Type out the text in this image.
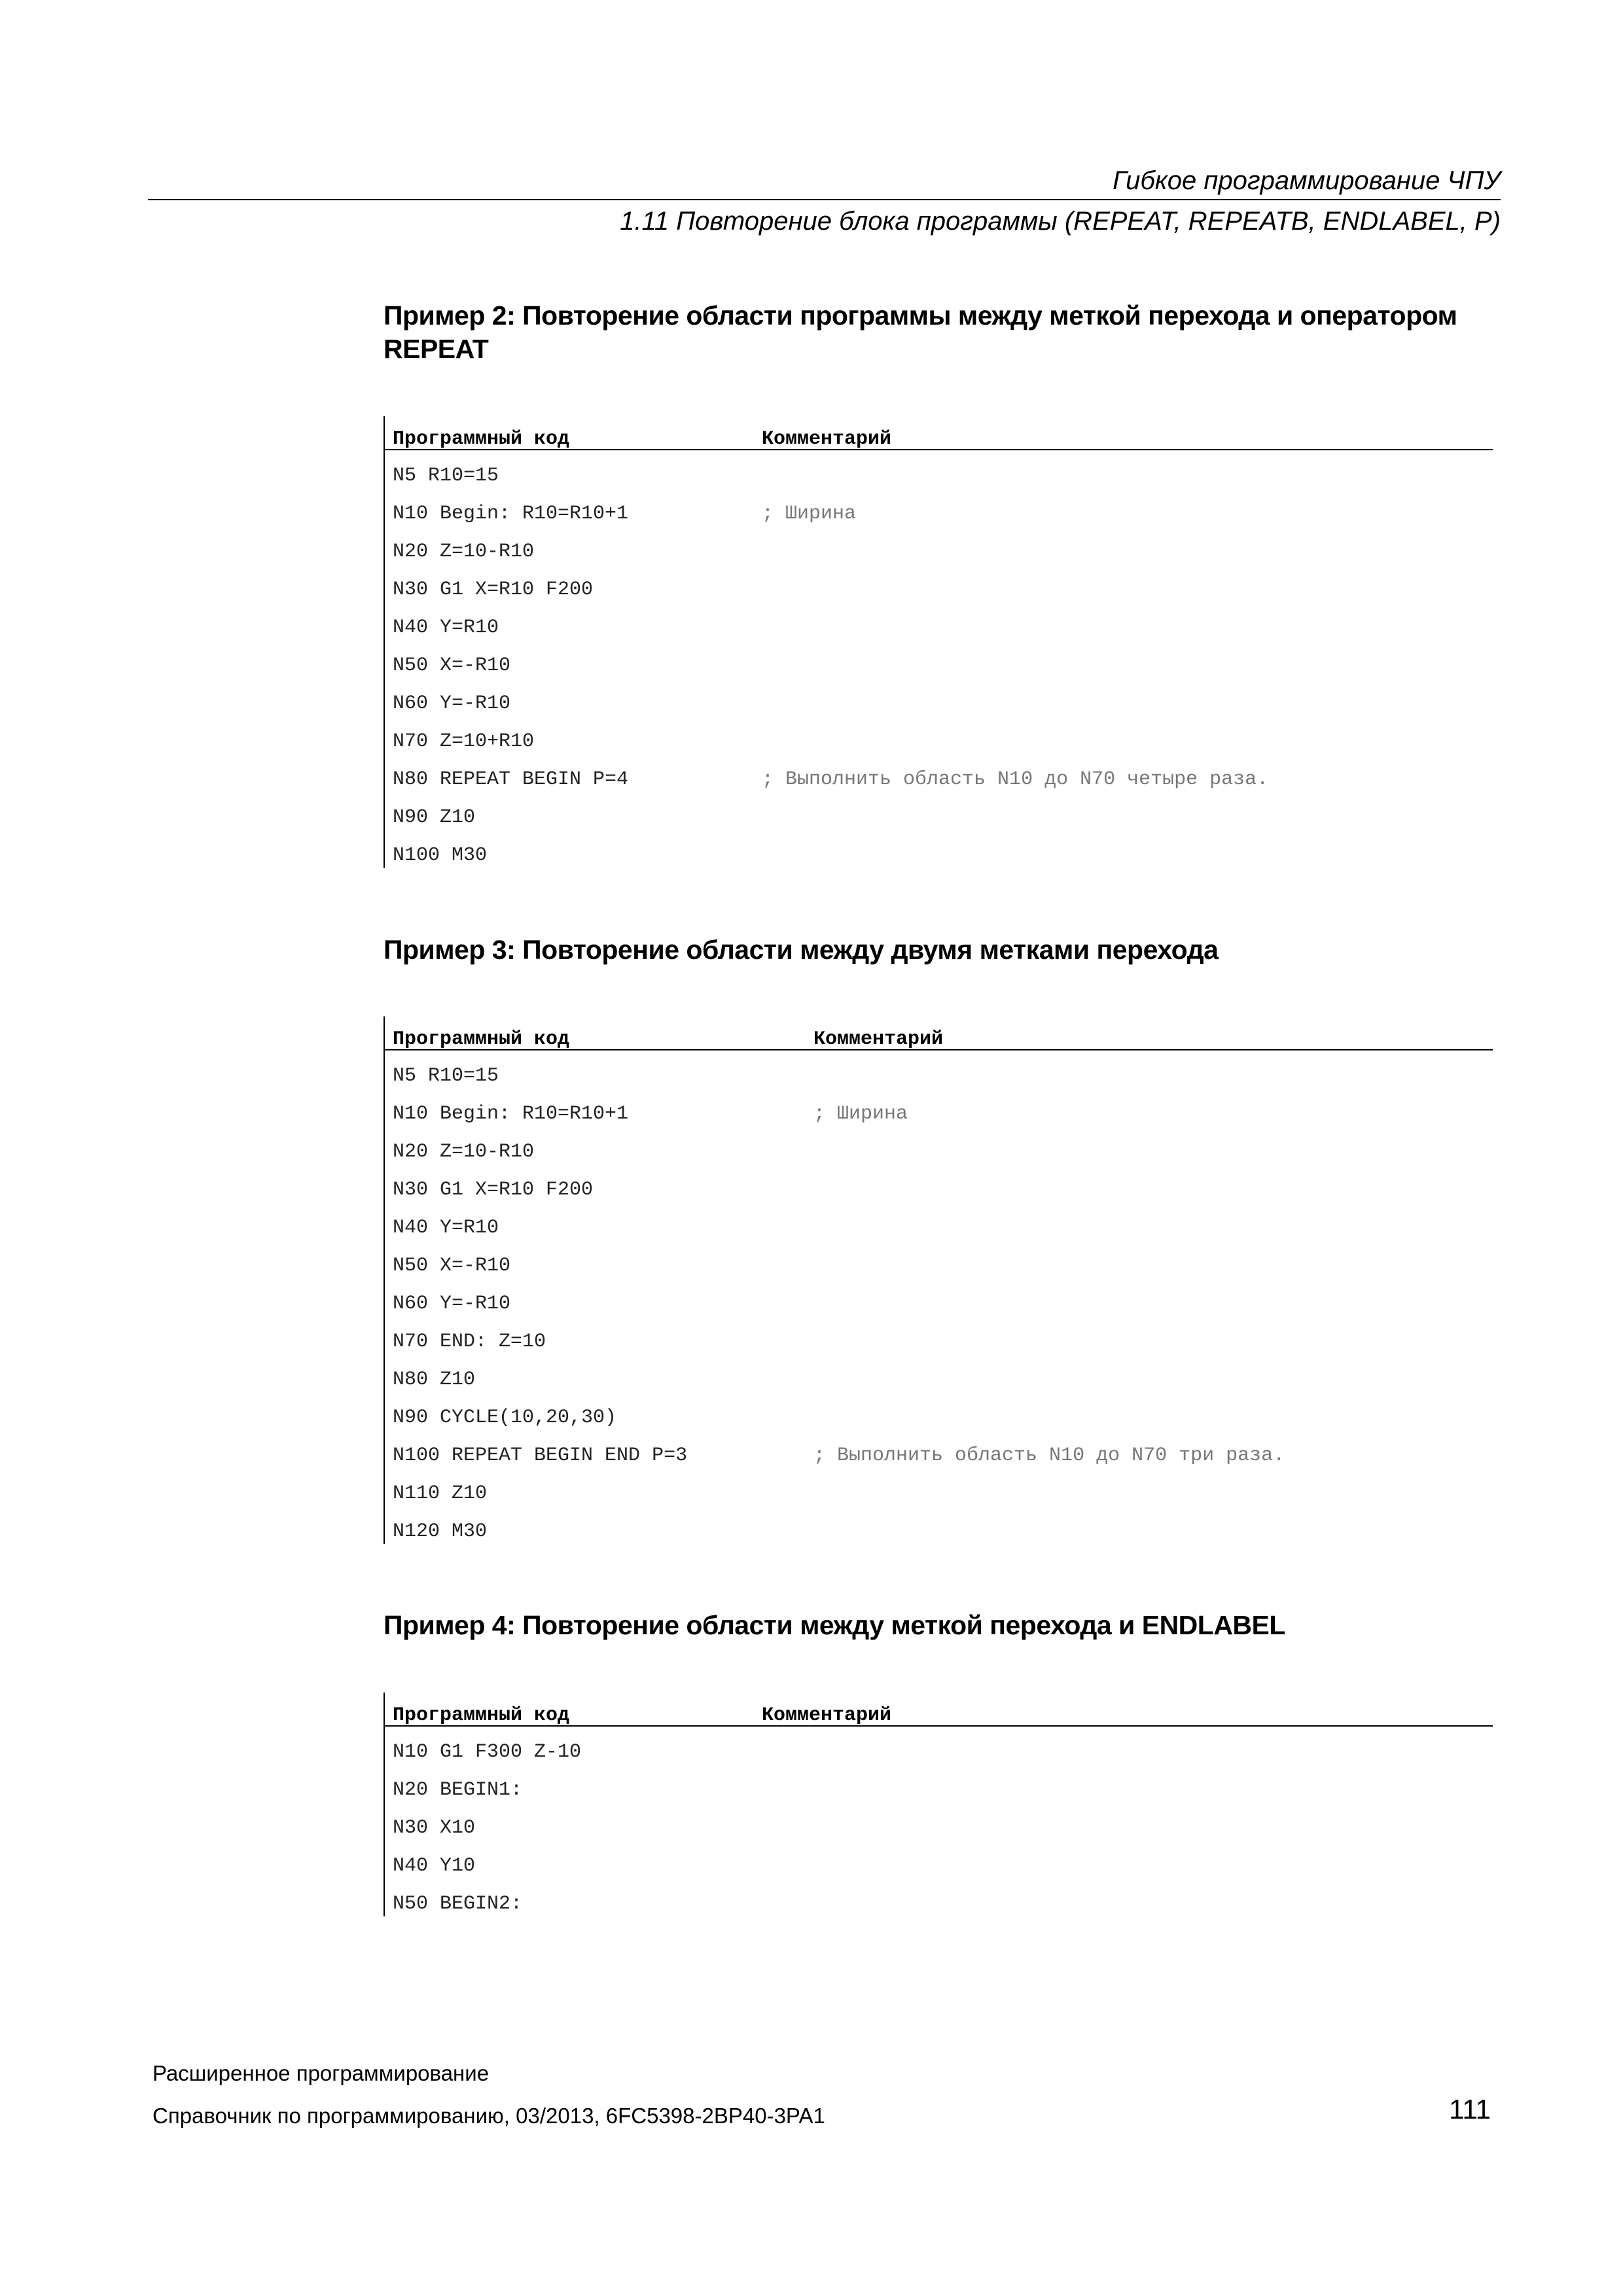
Гибкое программирование ЧПУ
1.11 Повторение блока программы (REPEAT, REPEATB, ENDLABEL, P)
Пример 2: Повторение области программы между меткой перехода и оператором REPEAT
Программный код	Комментарий
N5 R10=15
N10 Begin: R10=R10+1	; Ширина
N20 Z=10-R10
N30 G1 X=R10 F200
N40 Y=R10
N50 X=-R10
N60 Y=-R10
N70 Z=10+R10
N80 REPEAT BEGIN P=4	; Выполнить область N10 до N70 четыре раза.
N90 Z10
N100 M30
Пример 3: Повторение области между двумя метками перехода
Программный код	Комментарий
N5 R10=15
N10 Begin: R10=R10+1	; Ширина
N20 Z=10-R10
N30 G1 X=R10 F200
N40 Y=R10
N50 X=-R10
N60 Y=-R10
N70 END: Z=10
N80 Z10
N90 CYCLE(10,20,30)
N100 REPEAT BEGIN END P=3	; Выполнить область N10 до N70 три раза.
N110 Z10
N120 M30
Пример 4: Повторение области между меткой перехода и ENDLABEL
Программный код	Комментарий
N10 G1 F300 Z-10
N20 BEGIN1:
N30 X10
N40 Y10
N50 BEGIN2:
Расширенное программирование
Справочник по программированию, 03/2013, 6FC5398-2BP40-3PA1	111
